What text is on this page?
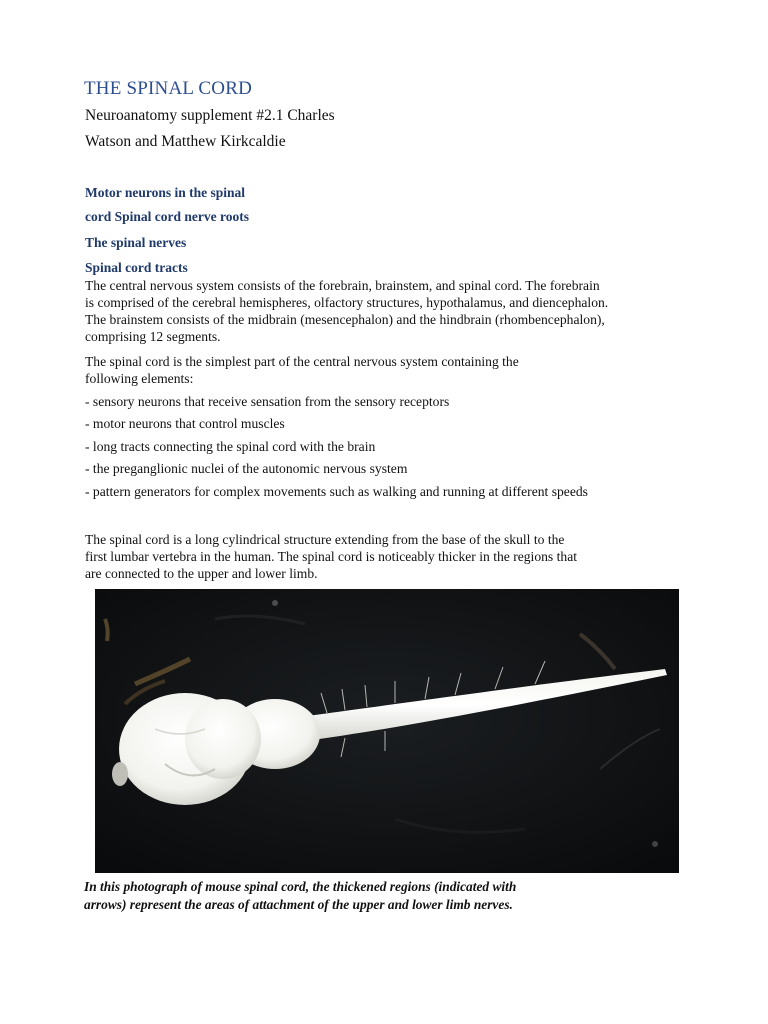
THE SPINAL CORD
Neuroanatomy supplement #2.1 Charles
Watson and Matthew Kirkcaldie
Motor neurons in the spinal
cord Spinal cord nerve roots
The spinal nerves
Spinal cord tracts
The central nervous system consists of the forebrain, brainstem, and spinal cord. The forebrain
is comprised of the cerebral hemispheres, olfactory structures, hypothalamus, and diencephalon.
The brainstem consists of the midbrain (mesencephalon) and the hindbrain (rhombencephalon),
comprising 12 segments.
The spinal cord is the simplest part of the central nervous system containing the
following elements:
- sensory neurons that receive sensation from the sensory receptors
- motor neurons that control muscles
- long tracts connecting the spinal cord with the brain
- the preganglionic nuclei of the autonomic nervous system
- pattern generators for complex movements such as walking and running at different speeds
The spinal cord is a long cylindrical structure extending from the base of the skull to the
first lumbar vertebra in the human. The spinal cord is noticeably thicker in the regions that
are connected to the upper and lower limb.
In this photograph of mouse spinal cord, the thickened regions (indicated with
arrows) represent the areas of attachment of the upper and lower limb nerves.
